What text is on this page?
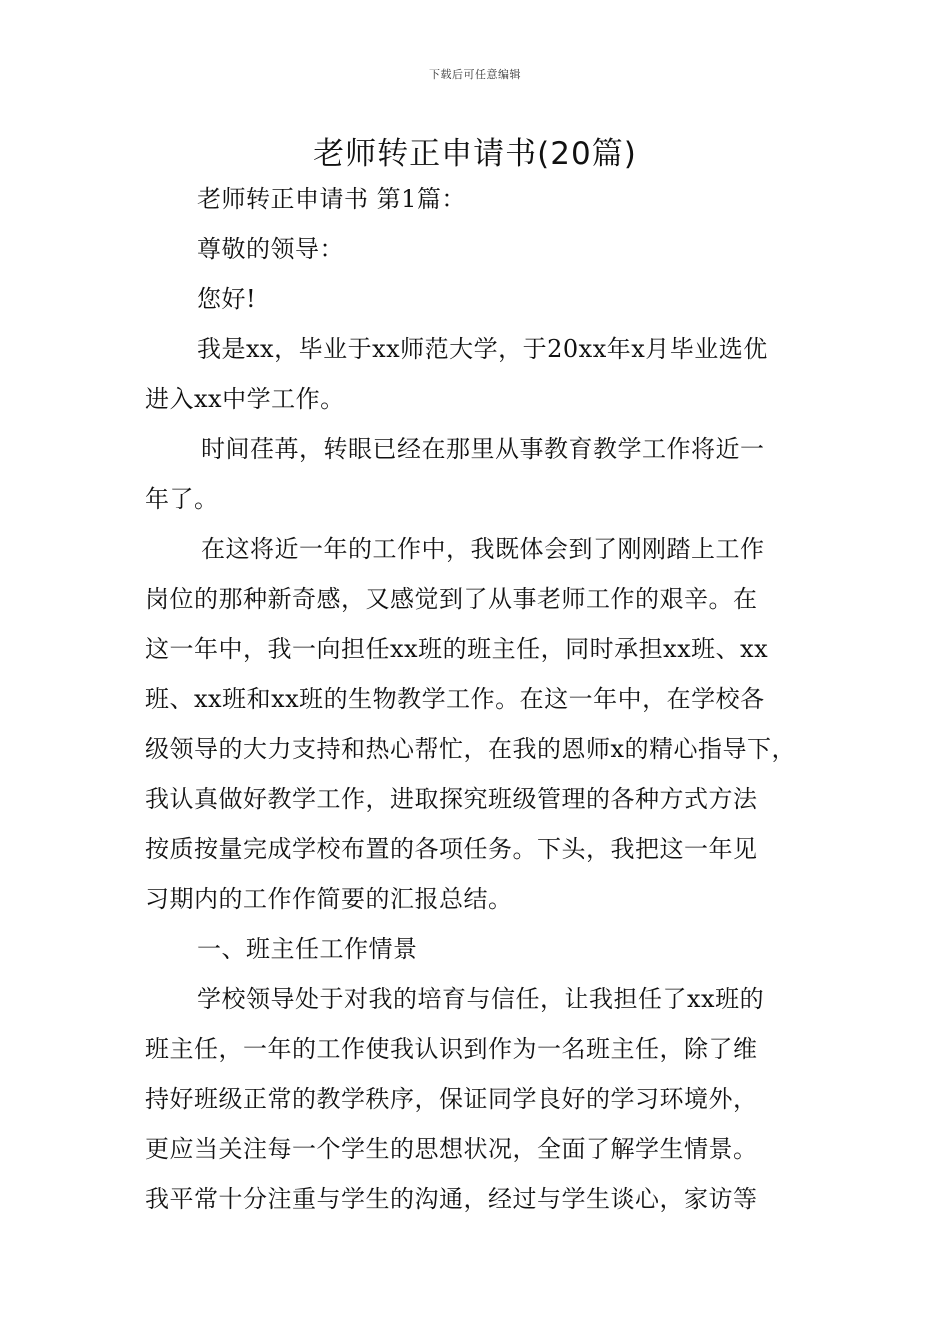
下载后可任意编辑
老师转正申请书(20篇)
老师转正申请书 第1篇：
尊敬的领导：
您好!
我是xx，毕业于xx师范大学，于20xx年x月毕业选优
进入xx中学工作。
时间荏苒，转眼已经在那里从事教育教学工作将近一
年了。
在这将近一年的工作中，我既体会到了刚刚踏上工作
岗位的那种新奇感，又感觉到了从事老师工作的艰辛。在
这一年中，我一向担任xx班的班主任，同时承担xx班、xx
班、xx班和xx班的生物教学工作。在这一年中，在学校各
级领导的大力支持和热心帮忙，在我的恩师x的精心指导下，
我认真做好教学工作，进取探究班级管理的各种方式方法
按质按量完成学校布置的各项任务。下头，我把这一年见
习期内的工作作简要的汇报总结。
一、班主任工作情景
学校领导处于对我的培育与信任，让我担任了xx班的
班主任，一年的工作使我认识到作为一名班主任，除了维
持好班级正常的教学秩序，保证同学良好的学习环境外，
更应当关注每一个学生的思想状况，全面了解学生情景。
我平常十分注重与学生的沟通，经过与学生谈心，家访等
